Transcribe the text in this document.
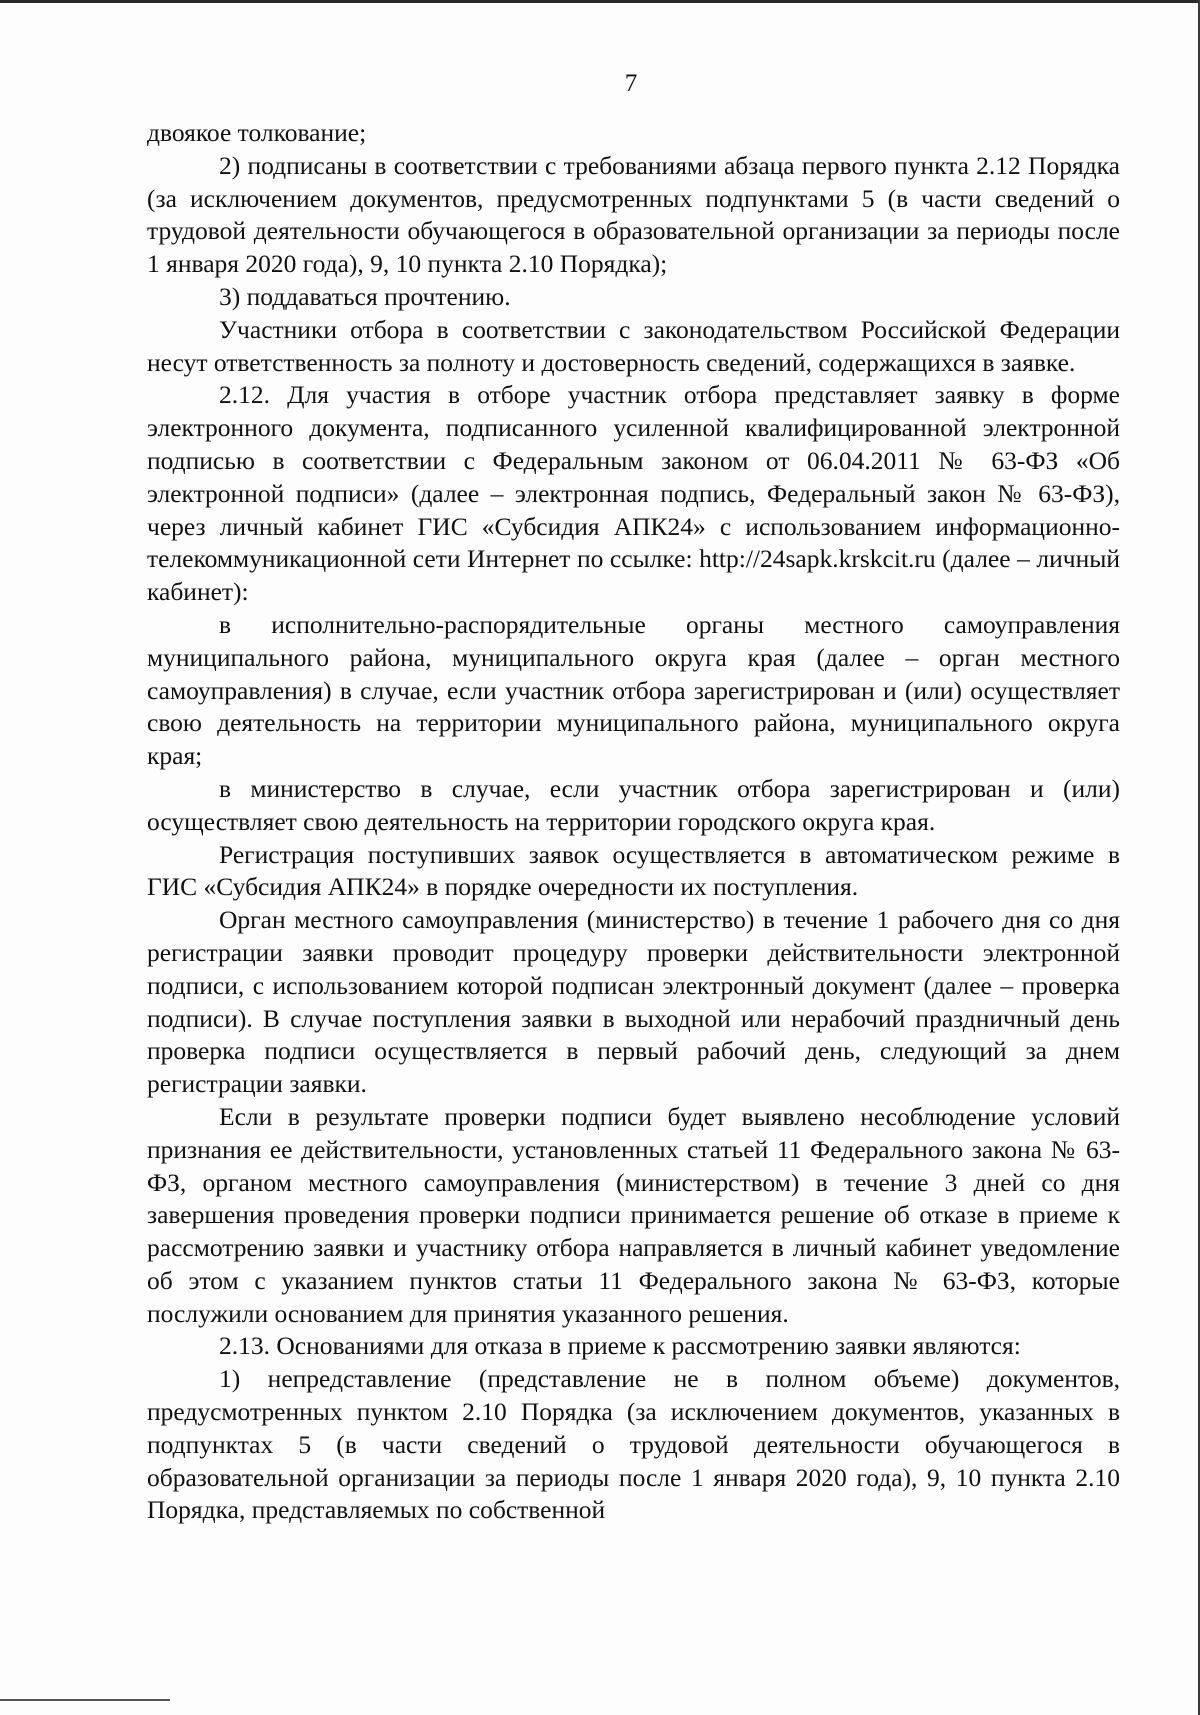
7

двоякое толкование;

2) подписаны в соответствии с требованиями абзаца первого пункта 2.12 Порядка (за исключением документов, предусмотренных подпунктами 5 (в части сведений о трудовой деятельности обучающегося в образовательной организации за периоды после 1 января 2020 года), 9, 10 пункта 2.10 Порядка);

3) поддаваться прочтению.

Участники отбора в соответствии с законодательством Российской Федерации несут ответственность за полноту и достоверность сведений, содержащихся в заявке.

2.12. Для участия в отборе участник отбора представляет заявку в форме электронного документа, подписанного усиленной квалифицированной электронной подписью в соответствии с Федеральным законом от 06.04.2011 № 63-ФЗ «Об электронной подписи» (далее – электронная подпись, Федеральный закон № 63-ФЗ), через личный кабинет ГИС «Субсидия АПК24» с использованием информационно-телекоммуникационной сети Интернет по ссылке: http://24sapk.krskcit.ru (далее – личный кабинет):

в исполнительно-распорядительные органы местного самоуправления муниципального района, муниципального округа края (далее – орган местного самоуправления) в случае, если участник отбора зарегистрирован и (или) осуществляет свою деятельность на территории муниципального района, муниципального округа края;

в министерство в случае, если участник отбора зарегистрирован и (или) осуществляет свою деятельность на территории городского округа края.

Регистрация поступивших заявок осуществляется в автоматическом режиме в ГИС «Субсидия АПК24» в порядке очередности их поступления.

Орган местного самоуправления (министерство) в течение 1 рабочего дня со дня регистрации заявки проводит процедуру проверки действительности электронной подписи, с использованием которой подписан электронный документ (далее – проверка подписи). В случае поступления заявки в выходной или нерабочий праздничный день проверка подписи осуществляется в первый рабочий день, следующий за днем регистрации заявки.

Если в результате проверки подписи будет выявлено несоблюдение условий признания ее действительности, установленных статьей 11 Федерального закона № 63-ФЗ, органом местного самоуправления (министерством) в течение 3 дней со дня завершения проведения проверки подписи принимается решение об отказе в приеме к рассмотрению заявки и участнику отбора направляется в личный кабинет уведомление об этом с указанием пунктов статьи 11 Федерального закона № 63-ФЗ, которые послужили основанием для принятия указанного решения.

2.13. Основаниями для отказа в приеме к рассмотрению заявки являются:

1) непредставление (представление не в полном объеме) документов, предусмотренных пунктом 2.10 Порядка (за исключением документов, указанных в подпунктах 5 (в части сведений о трудовой деятельности обучающегося в образовательной организации за периоды после 1 января 2020 года), 9, 10 пункта 2.10 Порядка, представляемых по собственной
